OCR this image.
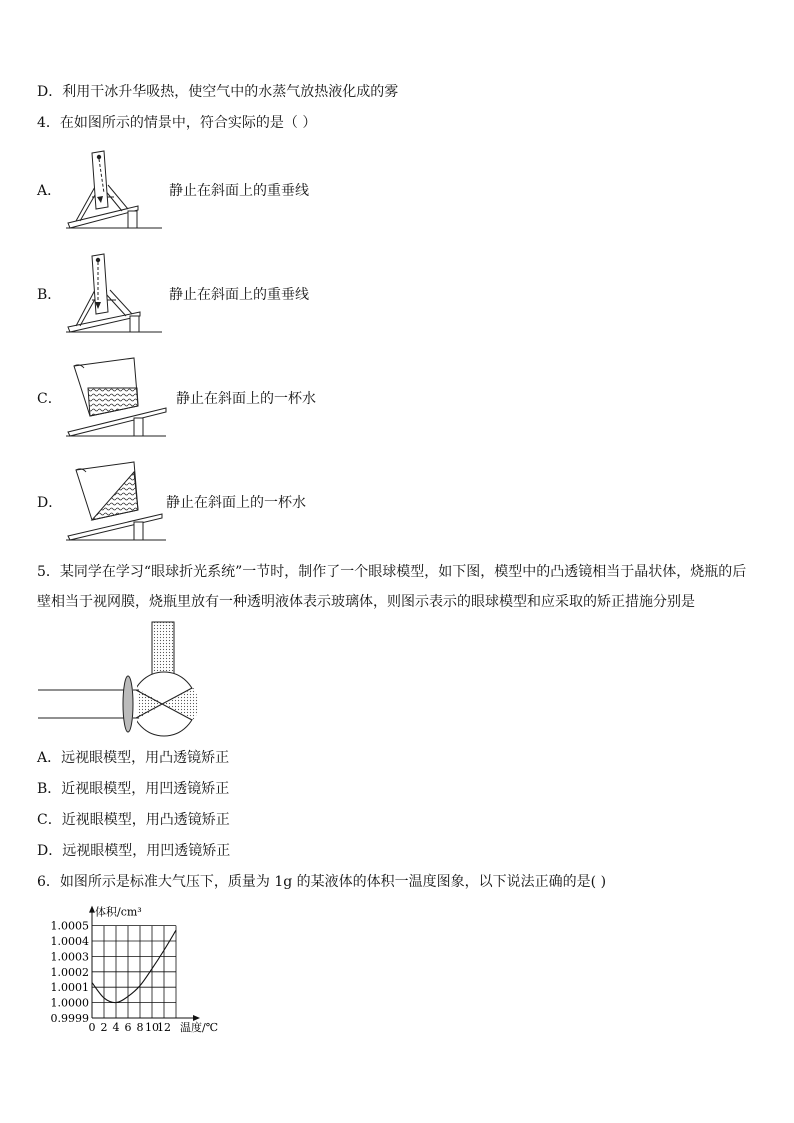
D．利用干冰升华吸热，使空气中的水蒸气放热液化成的雾
4．在如图所示的情景中，符合实际的是（ ）
A．	静止在斜面上的重垂线
B．	静止在斜面上的重垂线
C．	静止在斜面上的一杯水
D．	静止在斜面上的一杯水
5．某同学在学习“眼球折光系统”一节时，制作了一个眼球模型，如下图，模型中的凸透镜相当于晶状体，烧瓶的后
壁相当于视网膜，烧瓶里放有一种透明液体表示玻璃体，则图示表示的眼球模型和应采取的矫正措施分别是
A．远视眼模型，用凸透镜矫正
B．近视眼模型，用凹透镜矫正
C．近视眼模型，用凸透镜矫正
D．远视眼模型，用凹透镜矫正
6．如图所示是标准大气压下，质量为 1g 的某液体的体积一温度图象，以下说法正确的是( )
0.9999
1.0000
1.0001
1.0002
1.0003
1.0004
1.0005
0 2 4 6 8 10
12
体积/cm³
温度/℃
